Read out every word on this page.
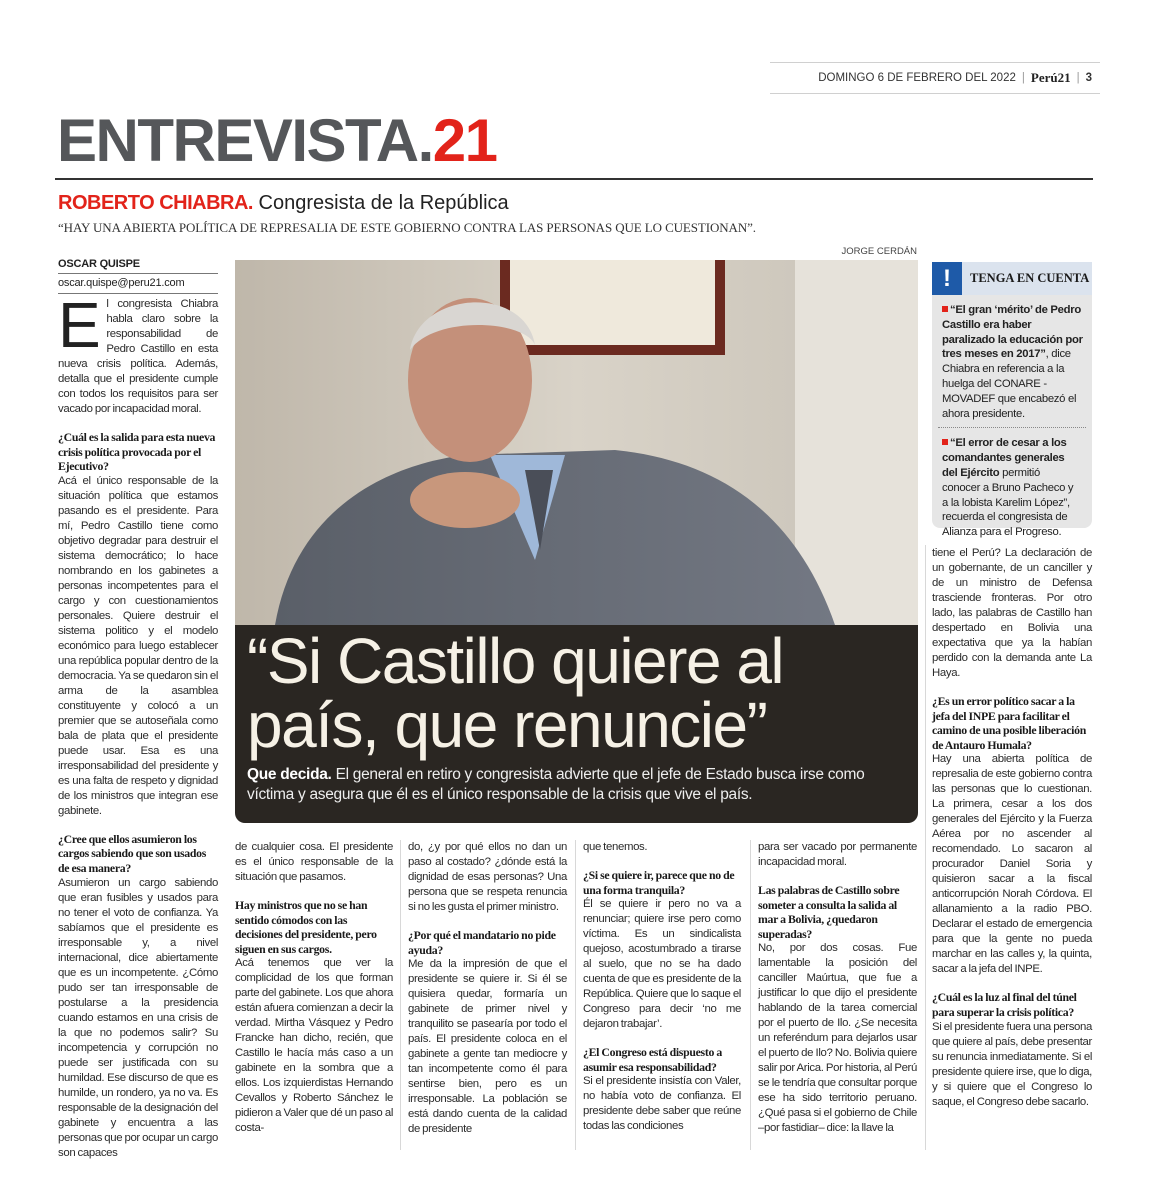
DOMINGO 6 DE FEBRERO DEL 2022 | Perú21 | 3
ENTREVISTA.21
ROBERTO CHIABRA. Congresista de la República
“HAY UNA ABIERTA POLÍTICA DE REPRESALIA DE ESTE GOBIERNO CONTRA LAS PERSONAS QUE LO CUESTIONAN”.
JORGE CERDÁN
OSCAR QUISPE
oscar.quispe@peru21.com

El congresista Chiabra habla claro sobre la responsabilidad de Pedro Castillo en esta nueva crisis política. Además, detalla que el presidente cumple con todos los requisitos para ser vacado por incapacidad moral.

¿Cuál es la salida para esta nueva crisis política provocada por el Ejecutivo?
Acá el único responsable de la situación política que estamos pasando es el presidente. Para mí, Pedro Castillo tiene como objetivo degradar para destruir el sistema democrático; lo hace nombrando en los gabinetes a personas incompetentes para el cargo y con cuestionamientos personales. Quiere destruir el sistema politico y el modelo económico para luego establecer una república popular dentro de la democracia. Ya se quedaron sin el arma de la asamblea constituyente y colocó a un premier que se autoseñala como bala de plata que el presidente puede usar. Esa es una irresponsabilidad del presidente y es una falta de respeto y dignidad de los ministros que integran ese gabinete.

¿Cree que ellos asumieron los cargos sabiendo que son usados de esa manera?
Asumieron un cargo sabiendo que eran fusibles y usados para no tener el voto de confianza. Ya sabíamos que el presidente es irresponsable y, a nivel internacional, dice abiertamente que es un incompetente. ¿Cómo pudo ser tan irresponsable de postularse a la presidencia cuando estamos en una crisis de la que no podemos salir? Su incompetencia y corrupción no puede ser justificada con su humildad. Ese discurso de que es humilde, un rondero, ya no va. Es responsable de la designación del gabinete y encuentra a las personas que por ocupar un cargo son capaces

“Si Castillo quiere al país, que renuncie”
Que decida. El general en retiro y congresista advierte que el jefe de Estado busca irse como víctima y asegura que él es el único responsable de la crisis que vive el país.
!	TENGA EN CUENTA
“El gran ‘mérito’ de Pedro Castillo era haber paralizado la educación por tres meses en 2017”, dice Chiabra en referencia a la huelga del CONARE - MOVADEF que encabezó el ahora presidente.
“El error de cesar a los comandantes generales del Ejército permitió conocer a Bruno Pacheco y a la lobista Karelim López”, recuerda el congresista de Alianza para el Progreso.

de cualquier cosa. El presidente es el único responsable de la situación que pasamos.

Hay ministros que no se han sentido cómodos con las decisiones del presidente, pero siguen en sus cargos.
Acá tenemos que ver la complicidad de los que forman parte del gabinete. Los que ahora están afuera comienzan a decir la verdad. Mirtha Vásquez y Pedro Francke han dicho, recién, que Castillo le hacía más caso a un gabinete en la sombra que a ellos. Los izquierdistas Hernando Cevallos y Roberto Sánchez le pidieron a Valer que dé un paso al costa-

do, ¿y por qué ellos no dan un paso al costado? ¿dónde está la dignidad de esas personas? Una persona que se respeta renuncia si no les gusta el primer ministro.

¿Por qué el mandatario no pide ayuda?
Me da la impresión de que el presidente se quiere ir. Si él se quisiera quedar, formaría un gabinete de primer nivel y tranquilito se pasearía por todo el país. El presidente coloca en el gabinete a gente tan mediocre y tan incompetente como él para sentirse bien, pero es un irresponsable. La población se está dando cuenta de la calidad de presidente

que tenemos.

¿Si se quiere ir, parece que no de una forma tranquila?
Él se quiere ir pero no va a renunciar; quiere irse pero como víctima. Es un sindicalista quejoso, acostumbrado a tirarse al suelo, que no se ha dado cuenta de que es presidente de la República. Quiere que lo saque el Congreso para decir ‘no me dejaron trabajar’.

¿El Congreso está dispuesto a asumir esa responsabilidad?
Si el presidente insistía con Valer, no había voto de confianza. El presidente debe saber que reúne todas las condiciones

para ser vacado por permanente incapacidad moral.

Las palabras de Castillo sobre someter a consulta la salida al mar a Bolivia, ¿quedaron superadas?
No, por dos cosas. Fue lamentable la posición del canciller Maúrtua, que fue a justificar lo que dijo el presidente hablando de la tarea comercial por el puerto de Ilo. ¿Se necesita un referéndum para dejarlos usar el puerto de Ilo? No. Bolivia quiere salir por Arica. Por historia, al Perú se le tendría que consultar porque ese ha sido territorio peruano. ¿Qué pasa si el gobierno de Chile –por fastidiar– dice: la llave la

tiene el Perú? La declaración de un gobernante, de un canciller y de un ministro de Defensa trasciende fronteras. Por otro lado, las palabras de Castillo han despertado en Bolivia una expectativa que ya la habían perdido con la demanda ante La Haya.

¿Es un error político sacar a la jefa del INPE para facilitar el camino de una posible liberación de Antauro Humala?
Hay una abierta política de represalia de este gobierno contra las personas que lo cuestionan. La primera, cesar a los dos generales del Ejército y la Fuerza Aérea por no ascender al recomendado. Lo sacaron al procurador Daniel Soria y quisieron sacar a la fiscal anticorrupción Norah Córdova. El allanamiento a la radio PBO. Declarar el estado de emergencia para que la gente no pueda marchar en las calles y, la quinta, sacar a la jefa del INPE.

¿Cuál es la luz al final del túnel para superar la crisis política?
Si el presidente fuera una persona que quiere al país, debe presentar su renuncia inmediatamente. Si el presidente quiere irse, que lo diga, y si quiere que el Congreso lo saque, el Congreso debe sacarlo.
